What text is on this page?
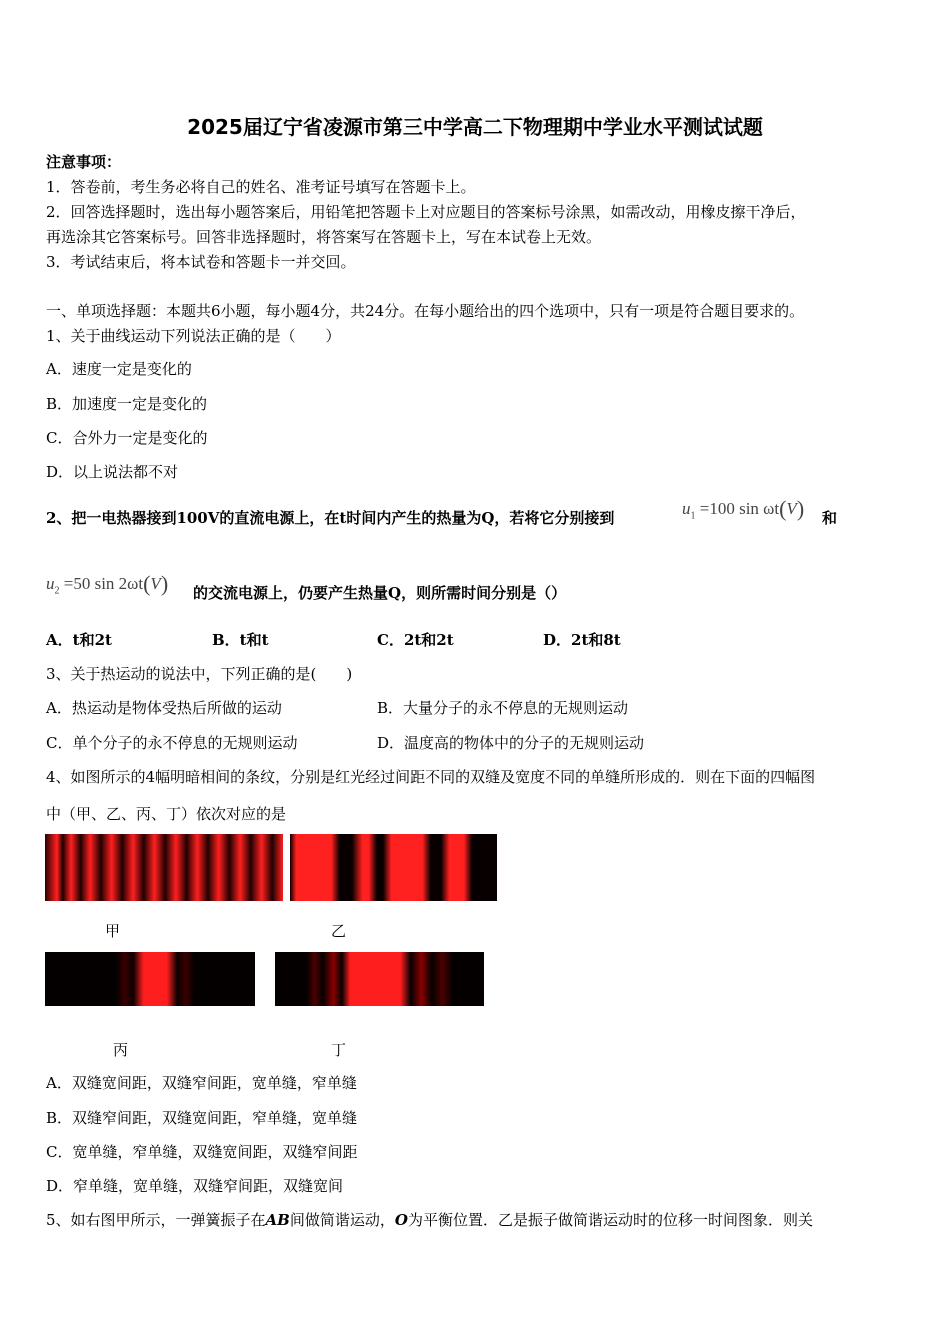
2025届辽宁省凌源市第三中学高二下物理期中学业水平测试试题
注意事项：
1．答卷前，考生务必将自己的姓名、准考证号填写在答题卡上。
2．回答选择题时，选出每小题答案后，用铅笔把答题卡上对应题目的答案标号涂黑，如需改动，用橡皮擦干净后，
再选涂其它答案标号。回答非选择题时，将答案写在答题卡上，写在本试卷上无效。
3．考试结束后，将本试卷和答题卡一并交回。
一、单项选择题：本题共6小题，每小题4分，共24分。在每小题给出的四个选项中，只有一项是符合题目要求的。
1、关于曲线运动下列说法正确的是（　　）
A．速度一定是变化的
B．加速度一定是变化的
C．合外力一定是变化的
D．以上说法都不对
2、把一电热器接到100V的直流电源上，在t时间内产生的热量为Q，若将它分别接到	$u_1 =100$ sin ωt(V) 和
$u_2 =50$ sin 2ωt(V) 的交流电源上，仍要产生热量Q，则所需时间分别是（）
A．t和2t	B．t和t	C．2t和2t	D．2t和8t
3、关于热运动的说法中，下列正确的是(　　)
A．热运动是物体受热后所做的运动	B．大量分子的永不停息的无规则运动
C．单个分子的永不停息的无规则运动	D．温度高的物体中的分子的无规则运动
4、如图所示的4幅明暗相间的条纹，分别是红光经过间距不同的双缝及宽度不同的单缝所形成的．则在下面的四幅图
中（甲、乙、丙、丁）依次对应的是
甲	乙
丙	丁
A．双缝宽间距，双缝窄间距，宽单缝，窄单缝
B．双缝窄间距，双缝宽间距，窄单缝，宽单缝
C．宽单缝，窄单缝，双缝宽间距，双缝窄间距
D．窄单缝，宽单缝，双缝窄间距，双缝宽间
5、如右图甲所示，一弹簧振子在AB间做简谐运动，O为平衡位置．乙是振子做简谐运动时的位移一时间图象．则关
